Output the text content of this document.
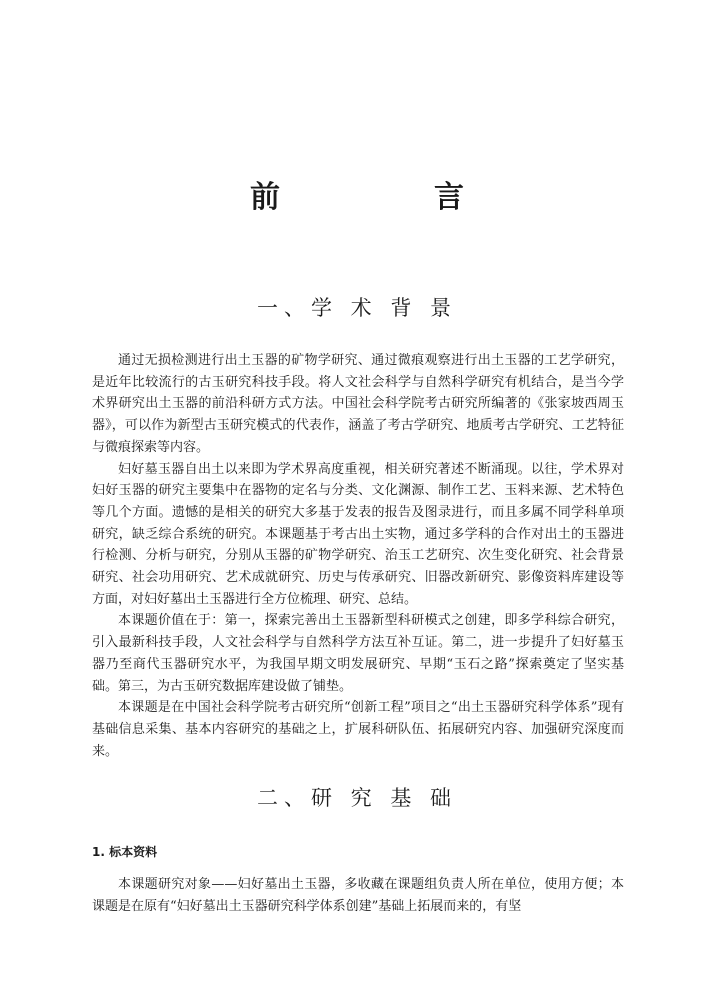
前　言
一、学 术 背 景

通过无损检测进行出土玉器的矿物学研究、通过微痕观察进行出土玉器的工艺学研究，是近年比较流行的古玉研究科技手段。将人文社会科学与自然科学研究有机结合，是当今学术界研究出土玉器的前沿科研方式方法。中国社会科学院考古研究所编著的《张家坡西周玉器》，可以作为新型古玉研究模式的代表作，涵盖了考古学研究、地质考古学研究、工艺特征与微痕探索等内容。

妇好墓玉器自出土以来即为学术界高度重视，相关研究著述不断涌现。以往，学术界对妇好玉器的研究主要集中在器物的定名与分类、文化渊源、制作工艺、玉料来源、艺术特色等几个方面。遗憾的是相关的研究大多基于发表的报告及图录进行，而且多属不同学科单项研究，缺乏综合系统的研究。本课题基于考古出土实物，通过多学科的合作对出土的玉器进行检测、分析与研究，分别从玉器的矿物学研究、治玉工艺研究、次生变化研究、社会背景研究、社会功用研究、艺术成就研究、历史与传承研究、旧器改新研究、影像资料库建设等方面，对妇好墓出土玉器进行全方位梳理、研究、总结。

本课题价值在于：第一，探索完善出土玉器新型科研模式之创建，即多学科综合研究，引入最新科技手段，人文社会科学与自然科学方法互补互证。第二，进一步提升了妇好墓玉器乃至商代玉器研究水平，为我国早期文明发展研究、早期“玉石之路”探索奠定了坚实基础。第三，为古玉研究数据库建设做了铺垫。

本课题是在中国社会科学院考古研究所“创新工程”项目之“出土玉器研究科学体系”现有基础信息采集、基本内容研究的基础之上，扩展科研队伍、拓展研究内容、加强研究深度而来。

二、研 究 基 础
1. 标本资料

本课题研究对象——妇好墓出土玉器，多收藏在课题组负责人所在单位，使用方便；本课题是在原有“妇好墓出土玉器研究科学体系创建”基础上拓展而来的，有坚
